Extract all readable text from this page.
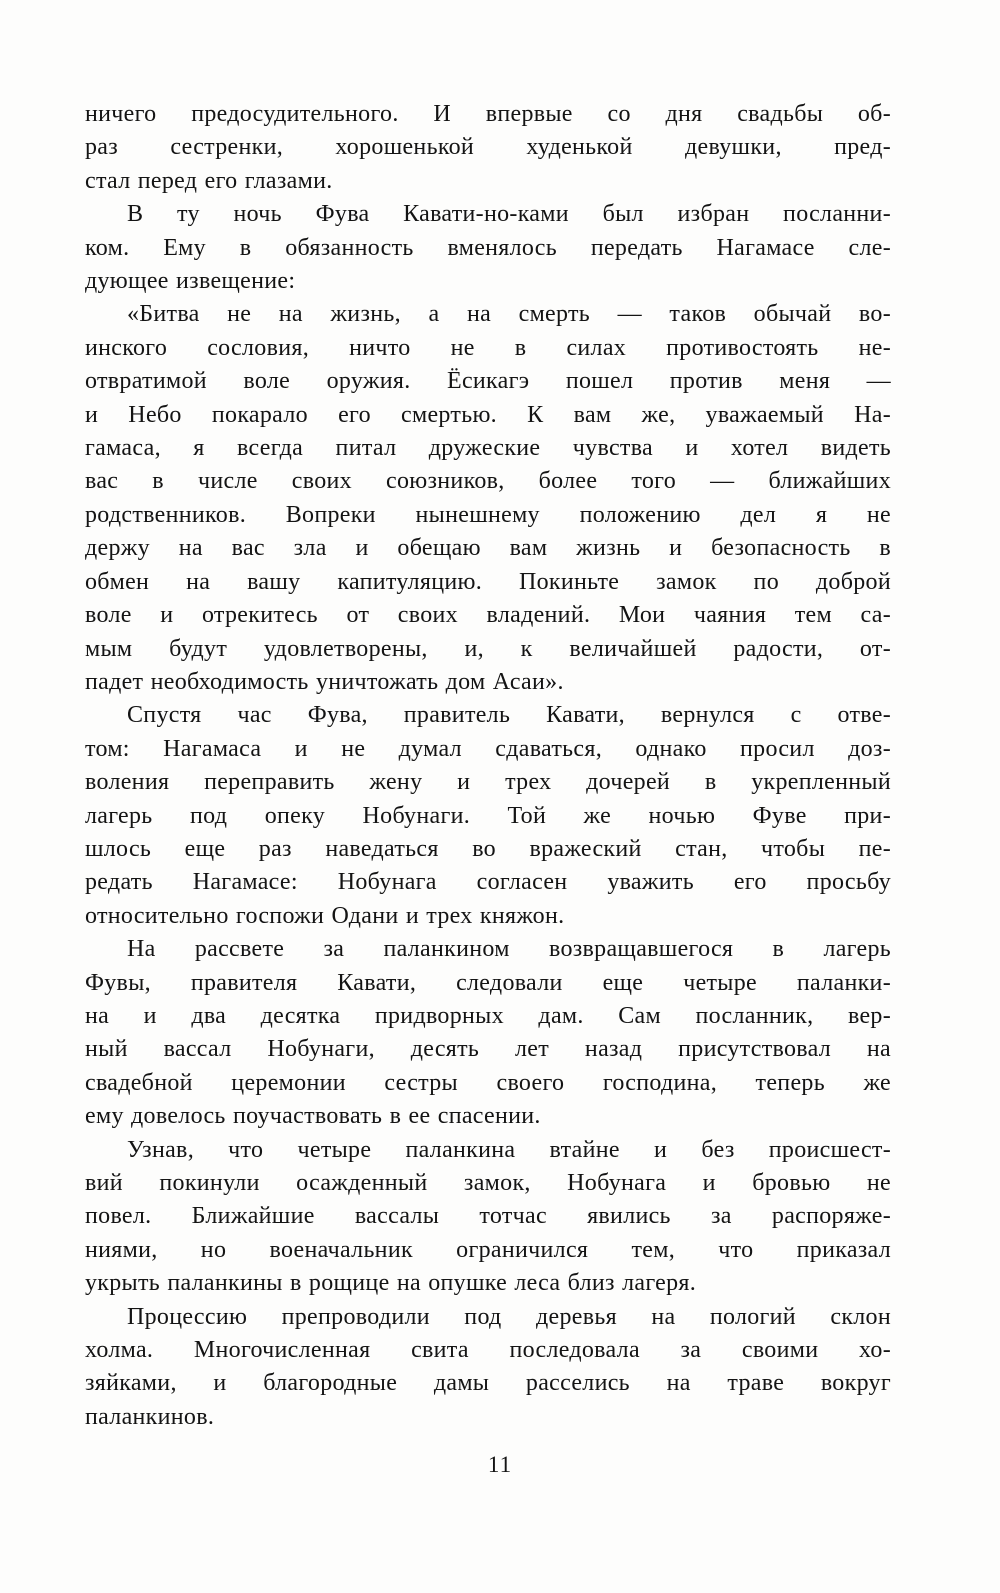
ничего предосудительного. И впервые со дня свадьбы об-
раз сестренки, хорошенькой худенькой девушки, пред-
стал перед его глазами.

В ту ночь Фува Кавати-но-ками был избран посланни-
ком. Ему в обязанность вменялось передать Нагамасе сле-
дующее извещение:

«Битва не на жизнь, а на смерть — таков обычай во-
инского сословия, ничто не в силах противостоять не-
отвратимой воле оружия. Ёсикагэ пошел против меня —
и Небо покарало его смертью. К вам же, уважаемый На-
гамаса, я всегда питал дружеские чувства и хотел видеть
вас в числе своих союзников, более того — ближайших
родственников. Вопреки нынешнему положению дел я не
держу на вас зла и обещаю вам жизнь и безопасность в
обмен на вашу капитуляцию. Покиньте замок по доброй
воле и отрекитесь от своих владений. Мои чаяния тем са-
мым будут удовлетворены, и, к величайшей радости, от-
падет необходимость уничтожать дом Асаи».

Спустя час Фува, правитель Кавати, вернулся с отве-
том: Нагамаса и не думал сдаваться, однако просил доз-
воления переправить жену и трех дочерей в укрепленный
лагерь под опеку Нобунаги. Той же ночью Фуве при-
шлось еще раз наведаться во вражеский стан, чтобы пе-
редать Нагамасе: Нобунага согласен уважить его просьбу
относительно госпожи Одани и трех княжон.

На рассвете за паланкином возвращавшегося в лагерь
Фувы, правителя Кавати, следовали еще четыре паланки-
на и два десятка придворных дам. Сам посланник, вер-
ный вассал Нобунаги, десять лет назад присутствовал на
свадебной церемонии сестры своего господина, теперь же
ему довелось поучаствовать в ее спасении.

Узнав, что четыре паланкина втайне и без происшест-
вий покинули осажденный замок, Нобунага и бровью не
повел. Ближайшие вассалы тотчас явились за распоряже-
ниями, но военачальник ограничился тем, что приказал
укрыть паланкины в рощице на опушке леса близ лагеря.

Процессию препроводили под деревья на пологий склон
холма. Многочисленная свита последовала за своими хо-
зяйками, и благородные дамы расселись на траве вокруг
паланкинов.

11
